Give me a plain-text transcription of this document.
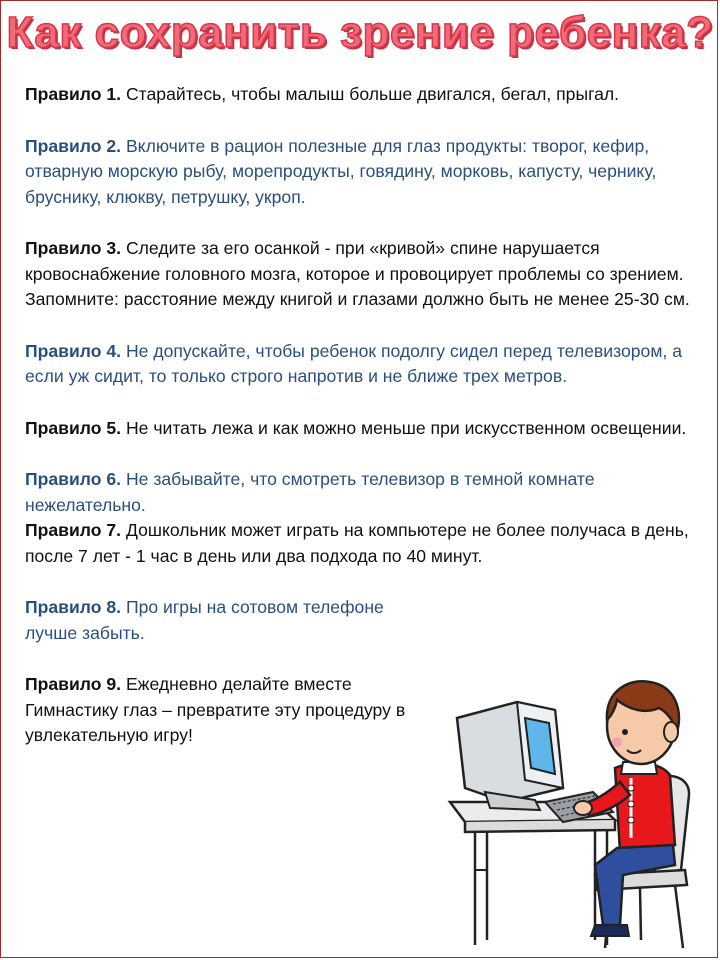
Как сохранить зрение ребенка?

Правило 1. Старайтесь, чтобы малыш больше двигался, бегал, прыгал.

Правило 2. Включите в рацион полезные для глаз продукты: творог, кефир, отварную морскую рыбу, морепродукты, говядину, морковь, капусту, чернику, бруснику, клюкву, петрушку, укроп.

Правило 3. Следите за его осанкой - при «кривой» спине нарушается кровоснабжение головного мозга, которое и провоцирует проблемы со зрением. Запомните: расстояние между книгой и глазами должно быть не менее 25-30 см.

Правило 4. Не допускайте, чтобы ребенок подолгу сидел перед телевизором, а если уж сидит, то только строго напротив и не ближе трех метров.

Правило 5. Не читать лежа и как можно меньше при искусственном освещении.

Правило 6. Не забывайте, что смотреть телевизор в темной комнате нежелательно.

Правило 7. Дошкольник может играть на компьютере не более получаса в день, после 7 лет - 1 час в день или два подхода по 40 минут.

Правило 8. Про игры на сотовом телефоне лучше забыть.

Правило 9. Ежедневно делайте вместе Гимнастику глаз – превратите эту процедуру в увлекательную игру!
